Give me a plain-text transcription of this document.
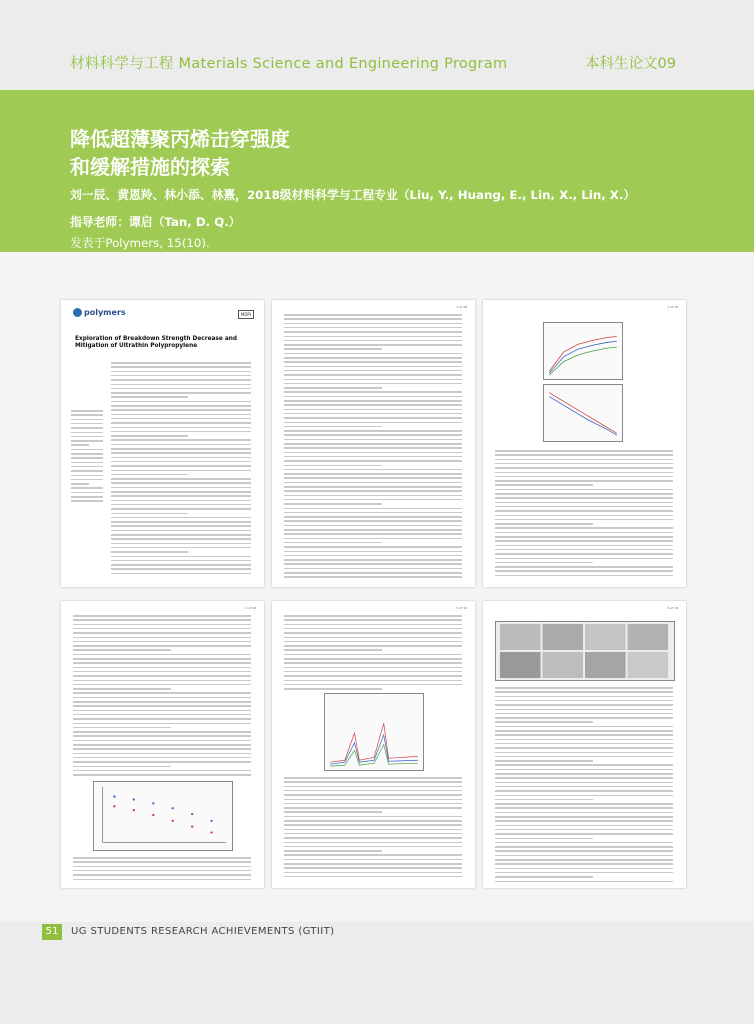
材料科学与工程 Materials Science and Engineering Program	本科生论文09
降低超薄聚丙烯击穿强度
和缓解措施的探索
刘一辰、黄恩羚、林小添、林熹，2018级材料科学与工程专业（Liu, Y., Huang, E., Lin, X., Lin, X.）
指导老师：谭启（Tan, D. Q.）
发表于Polymers, 15(10).
polymers	MDPI
Exploration of Breakdown Strength Decrease and Mitigation of Ultrathin Polypropylene
2 of 18	3 of 18
4 of 18	5 of 18	6 of 18
51	UG STUDENTS RESEARCH ACHIEVEMENTS (GTIIT)
